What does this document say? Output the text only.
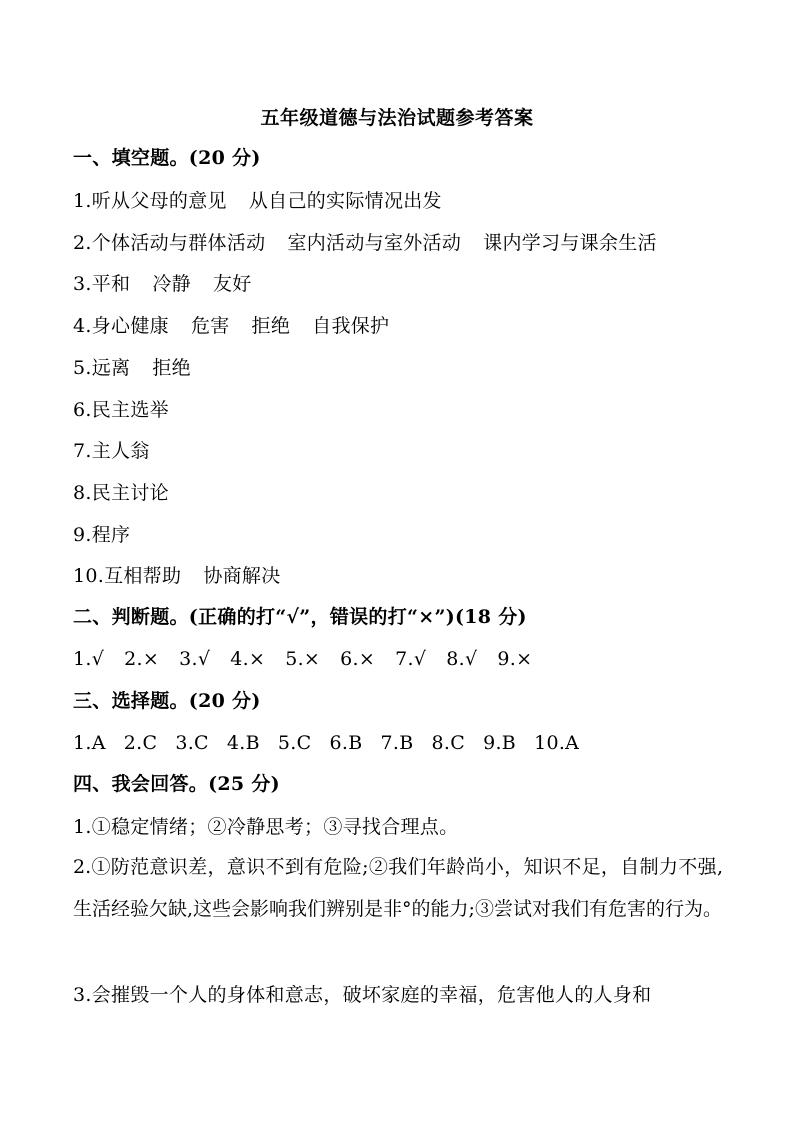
五年级道德与法治试题参考答案
一、填空题。(20 分)
1.听从父母的意见 从自己的实际情况出发
2.个体活动与群体活动 室内活动与室外活动 课内学习与课余生活
3.平和 冷静 友好
4.身心健康 危害 拒绝 自我保护
5.远离 拒绝
6.民主选举
7.主人翁
8.民主讨论
9.程序
10.互相帮助 协商解决
二、判断题。(正确的打“√”，错误的打“×”)(18 分)
1.√ 2.× 3.√ 4.× 5.× 6.× 7.√ 8.√ 9.×
三、选择题。(20 分)
1.A 2.C 3.C 4.B 5.C 6.B 7.B 8.C 9.B 10.A
四、我会回答。(25 分)
1.①稳定情绪；②冷静思考；③寻找合理点。
2.①防范意识差，意识不到有危险;②我们年龄尚小，知识不足，自制力不强,生活经验欠缺,这些会影响我们辨别是非°的能力;③尝试对我们有危害的行为。
3.会摧毁一个人的身体和意志，破坏家庭的幸福，危害他人的人身和
